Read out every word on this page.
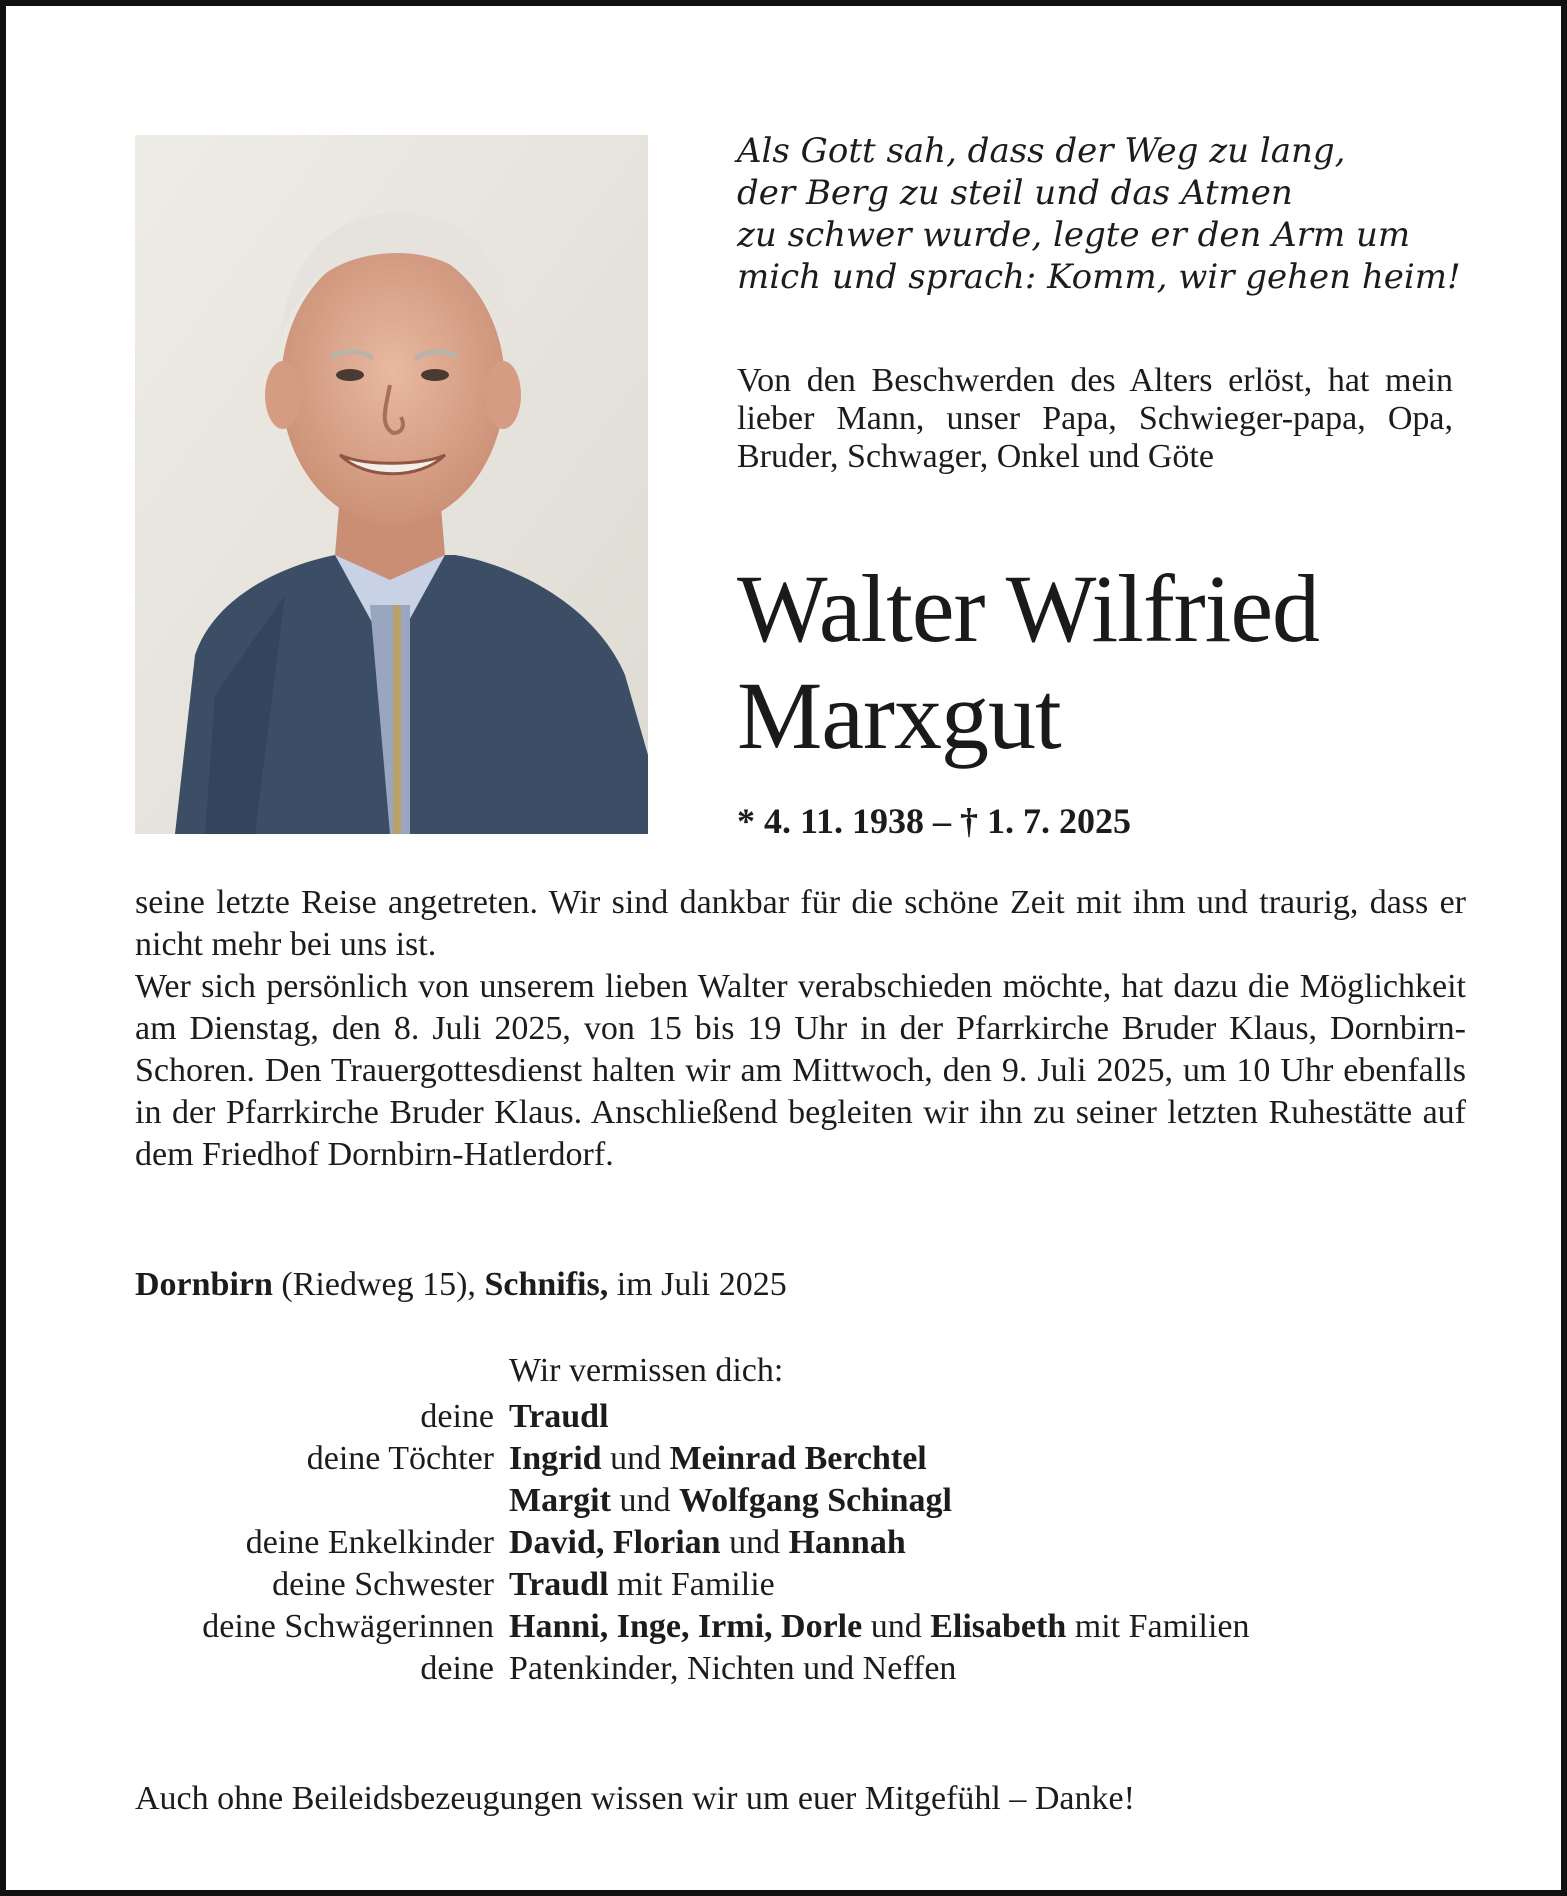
Als Gott sah, dass der Weg zu lang,
der Berg zu steil und das Atmen
zu schwer wurde, legte er den Arm um
mich und sprach: Komm, wir gehen heim!
Von den Beschwerden des Alters erlöst, hat mein lieber Mann, unser Papa, Schwieger-papa, Opa, Bruder, Schwager, Onkel und Göte
Walter Wilfried
Marxgut
* 4. 11. 1938 – † 1. 7. 2025

seine letzte Reise angetreten. Wir sind dankbar für die schöne Zeit mit ihm und traurig, dass er nicht mehr bei uns ist.

Wer sich persönlich von unserem lieben Walter verabschieden möchte, hat dazu die Möglichkeit am Dienstag, den 8. Juli 2025, von 15 bis 19 Uhr in der Pfarrkirche Bruder Klaus, Dornbirn- Schoren. Den Trauergottesdienst halten wir am Mittwoch, den 9. Juli 2025, um 10 Uhr ebenfalls in der Pfarrkirche Bruder Klaus. Anschließend begleiten wir ihn zu seiner letzten Ruhestätte auf dem Friedhof Dornbirn-Hatlerdorf.

Dornbirn (Riedweg 15), Schnifis, im Juli 2025
Wir vermissen dich:
deine Traudl
deine Töchter Ingrid und Meinrad Berchtel
Margit und Wolfgang Schinagl
deine Enkelkinder David, Florian und Hannah
deine Schwester Traudl mit Familie
deine Schwägerinnen Hanni, Inge, Irmi, Dorle und Elisabeth mit Familien
deine Patenkinder, Nichten und Neffen
Auch ohne Beileidsbezeugungen wissen wir um euer Mitgefühl – Danke!
